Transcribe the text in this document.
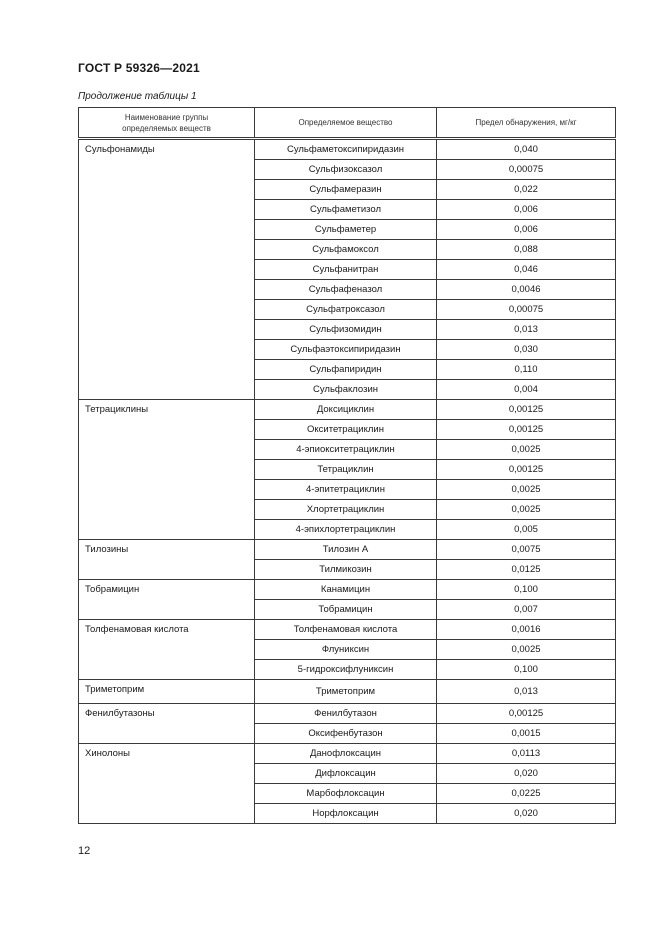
ГОСТ Р 59326—2021
Продолжение таблицы 1
Наименование группы определяемых веществ	Определяемое вещество	Предел обнаружения, мг/кг
Сульфонамиды	Сульфаметоксипиридазин	0,040
	Сульфизоксазол	0,00075
	Сульфамеразин	0,022
	Сульфаметизол	0,006
	Сульфаметер	0,006
	Сульфамоксол	0,088
	Сульфанитран	0,046
	Сульфафеназол	0,0046
	Сульфатроксазол	0,00075
	Сульфизомидин	0,013
	Сульфаэтоксипиридазин	0,030
	Сульфапиридин	0,110
	Сульфаклозин	0,004
Тетрациклины	Доксициклин	0,00125
	Окситетрациклин	0,00125
	4-эпиокситетрациклин	0,0025
	Тетрациклин	0,00125
	4-эпитетрациклин	0,0025
	Хлортетрациклин	0,0025
	4-эпихлортетрациклин	0,005
Тилозины	Тилозин А	0,0075
	Тилмикозин	0,0125
Тобрамицин	Канамицин	0,100
	Тобрамицин	0,007
Толфенамовая кислота	Толфенамовая кислота	0,0016
	Флуниксин	0,0025
	5-гидроксифлуниксин	0,100
Триметоприм	Триметоприм	0,013
Фенилбутазоны	Фенилбутазон	0,00125
	Оксифенбутазон	0,0015
Хинолоны	Данофлоксацин	0,0113
	Дифлоксацин	0,020
	Марбофлоксацин	0,0225
	Норфлоксацин	0,020
12
